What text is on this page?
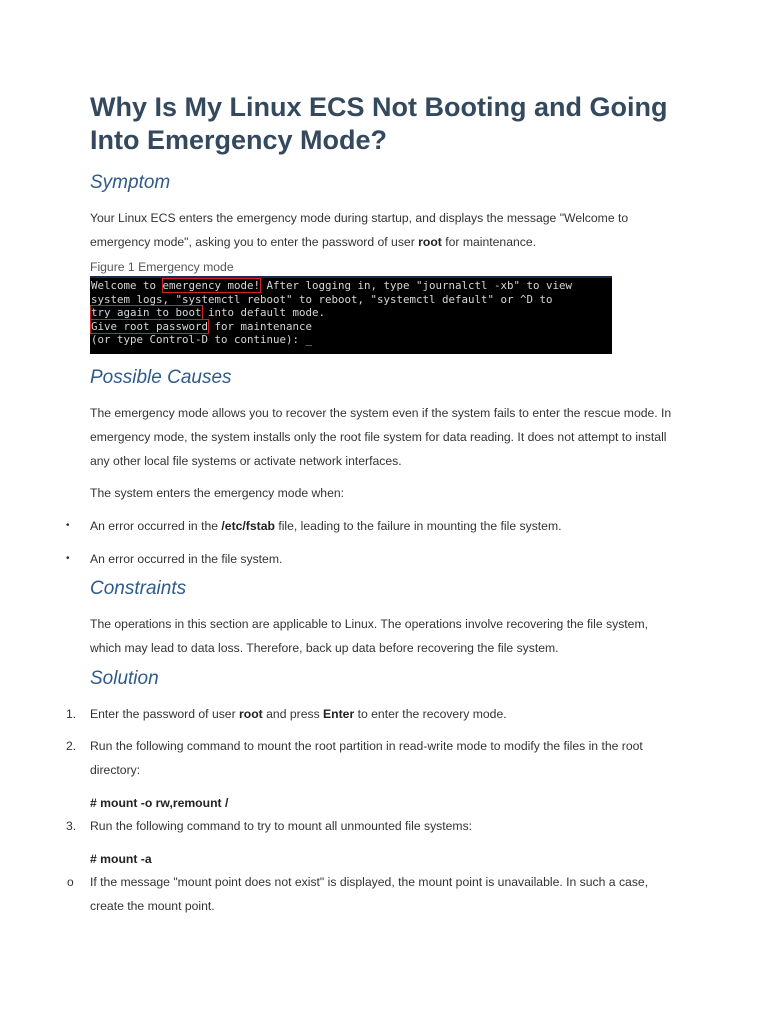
Why Is My Linux ECS Not Booting and Going Into Emergency Mode?
Symptom

Your Linux ECS enters the emergency mode during startup, and displays the message "Welcome to emergency mode", asking you to enter the password of user root for maintenance.

Figure 1 Emergency mode

Welcome to emergency mode! After logging in, type "journalctl -xb" to view
system logs, "systemctl reboot" to reboot, "systemctl default" or ^D to
try again to boot into default mode.
Give root password for maintenance
(or type Control-D to continue): _
Possible Causes

The emergency mode allows you to recover the system even if the system fails to enter the rescue mode. In emergency mode, the system installs only the root file system for data reading. It does not attempt to install any other local file systems or activate network interfaces.

The system enters the emergency mode when:

• An error occurred in the /etc/fstab file, leading to the failure in mounting the file system.

• An error occurred in the file system.

Constraints

The operations in this section are applicable to Linux. The operations involve recovering the file system, which may lead to data loss. Therefore, back up data before recovering the file system.

Solution
1. Enter the password of user root and press Enter to enter the recovery mode.

2. Run the following command to mount the root partition in read-write mode to modify the files in the root directory:

# mount -o rw,remount /

3. Run the following command to try to mount all unmounted file systems:

# mount -a

o If the message "mount point does not exist" is displayed, the mount point is unavailable. In such a case, create the mount point.
